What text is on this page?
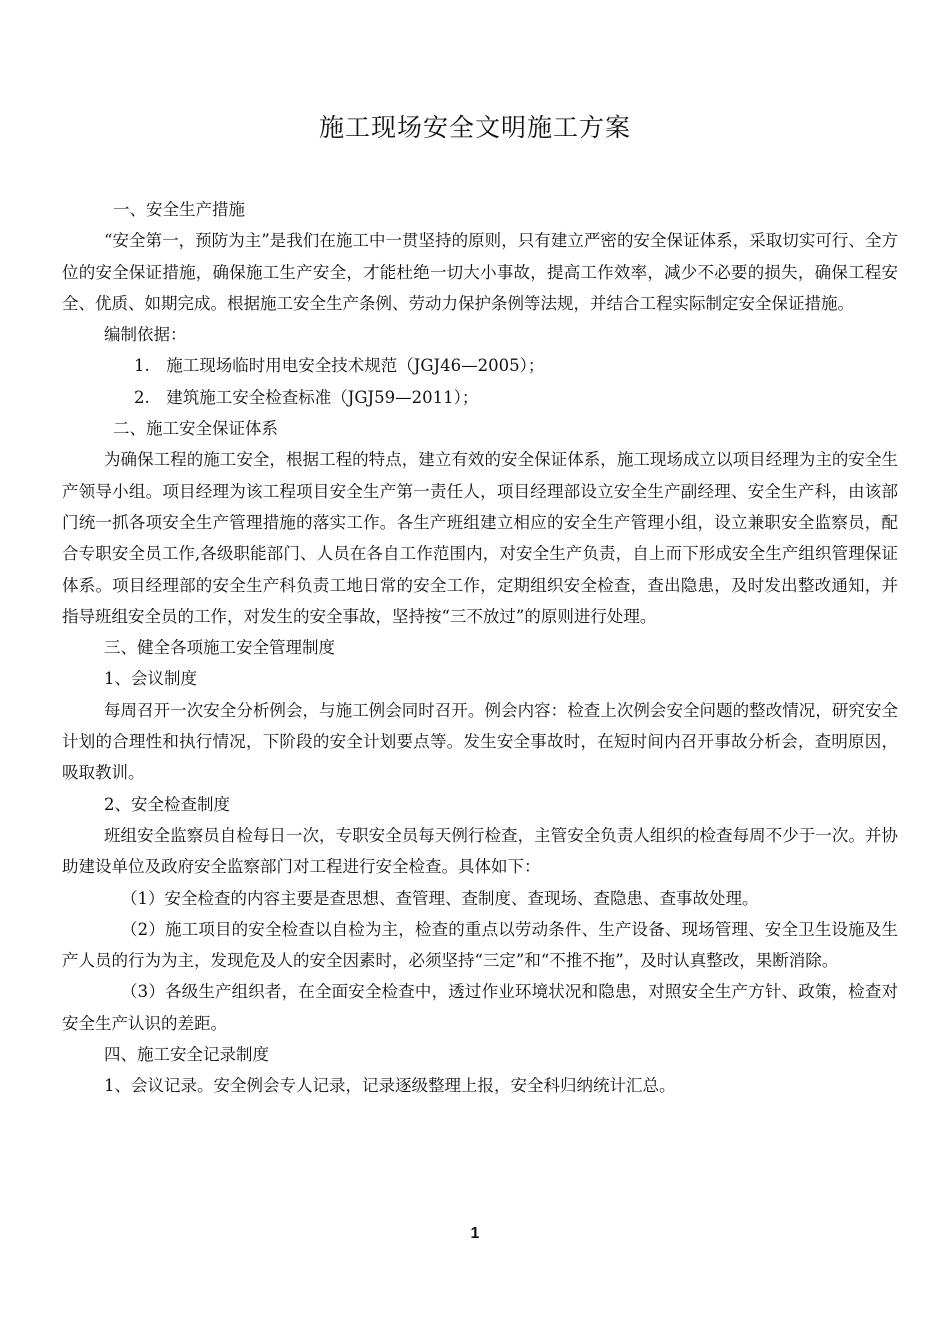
施工现场安全文明施工方案

一、安全生产措施

“安全第一，预防为主”是我们在施工中一贯坚持的原则，只有建立严密的安全保证体系，采取切实可行、全方位的安全保证措施，确保施工生产安全，才能杜绝一切大小事故，提高工作效率，减少不必要的损失，确保工程安全、优质、如期完成。根据施工安全生产条例、劳动力保护条例等法规，并结合工程实际制定安全保证措施。

编制依据：

1.　施工现场临时用电安全技术规范（JGJ46—2005）；

2.　建筑施工安全检查标准（JGJ59—2011）；

二、施工安全保证体系

为确保工程的施工安全，根据工程的特点，建立有效的安全保证体系，施工现场成立以项目经理为主的安全生产领导小组。项目经理为该工程项目安全生产第一责任人，项目经理部设立安全生产副经理、安全生产科，由该部门统一抓各项安全生产管理措施的落实工作。各生产班组建立相应的安全生产管理小组，设立兼职安全监察员，配合专职安全员工作,各级职能部门、人员在各自工作范围内，对安全生产负责，自上而下形成安全生产组织管理保证体系。项目经理部的安全生产科负责工地日常的安全工作，定期组织安全检查，查出隐患，及时发出整改通知，并指导班组安全员的工作，对发生的安全事故，坚持按“三不放过”的原则进行处理。

三、健全各项施工安全管理制度

1、会议制度

每周召开一次安全分析例会，与施工例会同时召开。例会内容：检查上次例会安全问题的整改情况，研究安全计划的合理性和执行情况，下阶段的安全计划要点等。发生安全事故时，在短时间内召开事故分析会，查明原因，吸取教训。

2、安全检查制度

班组安全监察员自检每日一次，专职安全员每天例行检查，主管安全负责人组织的检查每周不少于一次。并协助建设单位及政府安全监察部门对工程进行安全检查。具体如下：

（1）安全检查的内容主要是查思想、查管理、查制度、查现场、查隐患、查事故处理。

（2）施工项目的安全检查以自检为主，检查的重点以劳动条件、生产设备、现场管理、安全卫生设施及生产人员的行为为主，发现危及人的安全因素时，必须坚持“三定”和“不推不拖”，及时认真整改，果断消除。

（3）各级生产组织者，在全面安全检查中，透过作业环境状况和隐患，对照安全生产方针、政策，检查对安全生产认识的差距。

四、施工安全记录制度

1、会议记录。安全例会专人记录，记录逐级整理上报，安全科归纳统计汇总。

1
